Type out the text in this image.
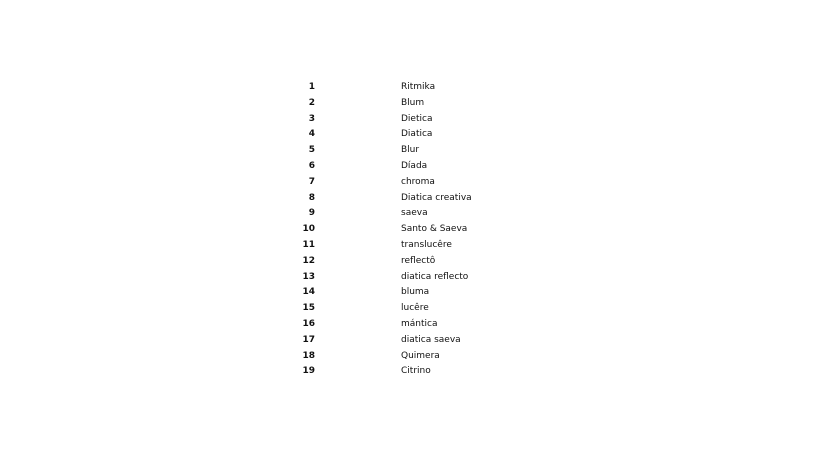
1	Ritmika
2	Blum
3	Dietica
4	Diatica
5	Blur
6	Díada
7	chroma
8	Diatica creativa
9	saeva
10	Santo & Saeva
11	translucêre
12	reflectô
13	diatica reflecto
14	bluma
15	lucêre
16	mántica
17	diatica saeva
18	Quimera
19	Citrino
